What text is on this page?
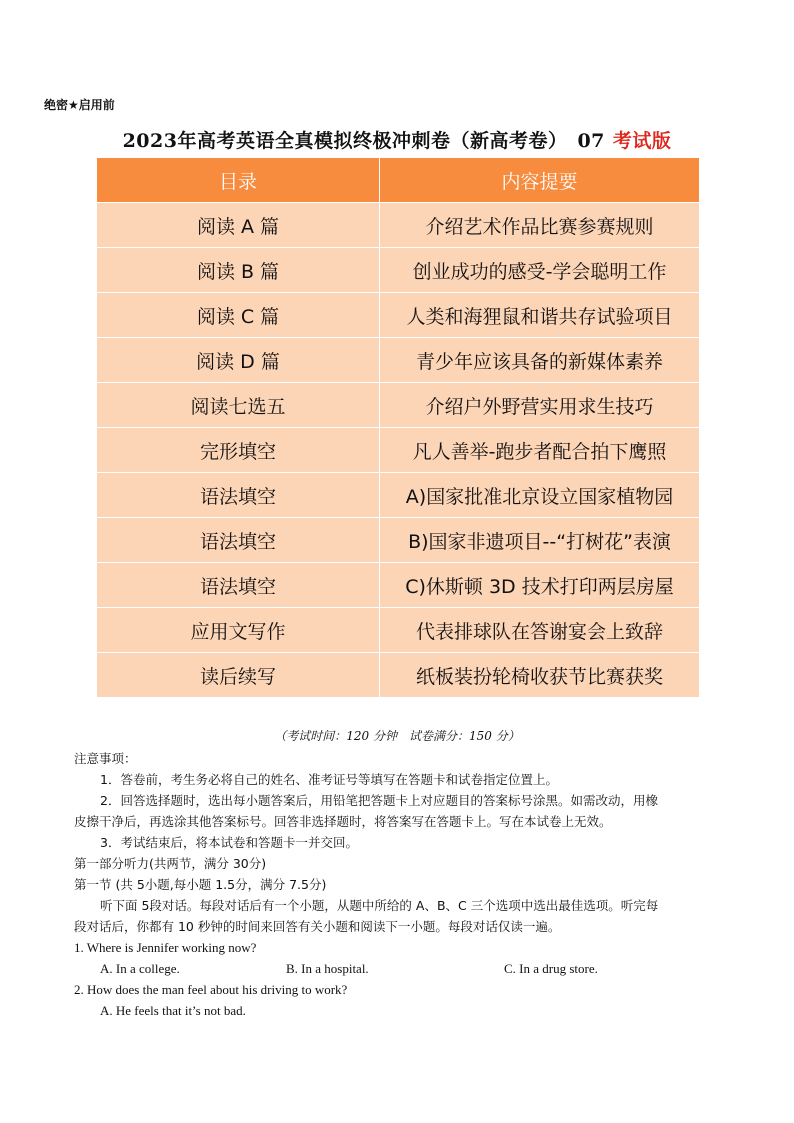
绝密★启用前
2023年高考英语全真模拟终极冲刺卷（新高考卷） 07 考试版
目录	内容提要
阅读 A 篇	介绍艺术作品比赛参赛规则
阅读 B 篇	创业成功的感受-学会聪明工作
阅读 C 篇	人类和海狸鼠和谐共存试验项目
阅读 D 篇	青少年应该具备的新媒体素养
阅读七选五	介绍户外野营实用求生技巧
完形填空	凡人善举-跑步者配合拍下鹰照
语法填空	A)国家批准北京设立国家植物园
语法填空	B)国家非遗项目--“打树花”表演
语法填空	C)休斯顿 3D 技术打印两层房屋
应用文写作	代表排球队在答谢宴会上致辞
读后续写	纸板装扮轮椅收获节比赛获奖
（考试时间：120 分钟 试卷满分：150 分）
注意事项：
1．答卷前，考生务必将自己的姓名、准考证号等填写在答题卡和试卷指定位置上。
2．回答选择题时，选出每小题答案后，用铅笔把答题卡上对应题目的答案标号涂黑。如需改动，用橡
皮擦干净后，再选涂其他答案标号。回答非选择题时，将答案写在答题卡上。写在本试卷上无效。
3．考试结束后，将本试卷和答题卡一并交回。
第一部分听力(共两节，满分 30分)
第一节 (共 5小题,每小题 1.5分，满分 7.5分)
听下面 5段对话。每段对话后有一个小题，从题中所给的 A、B、C 三个选项中选出最佳选项。听完每
段对话后，你都有 10 秒钟的时间来回答有关小题和阅读下一小题。每段对话仅读一遍。
1. Where is Jennifer working now?
A. In a college.	B. In a hospital.	C. In a drug store.
2. How does the man feel about his driving to work?
A. He feels that it’s not bad.
